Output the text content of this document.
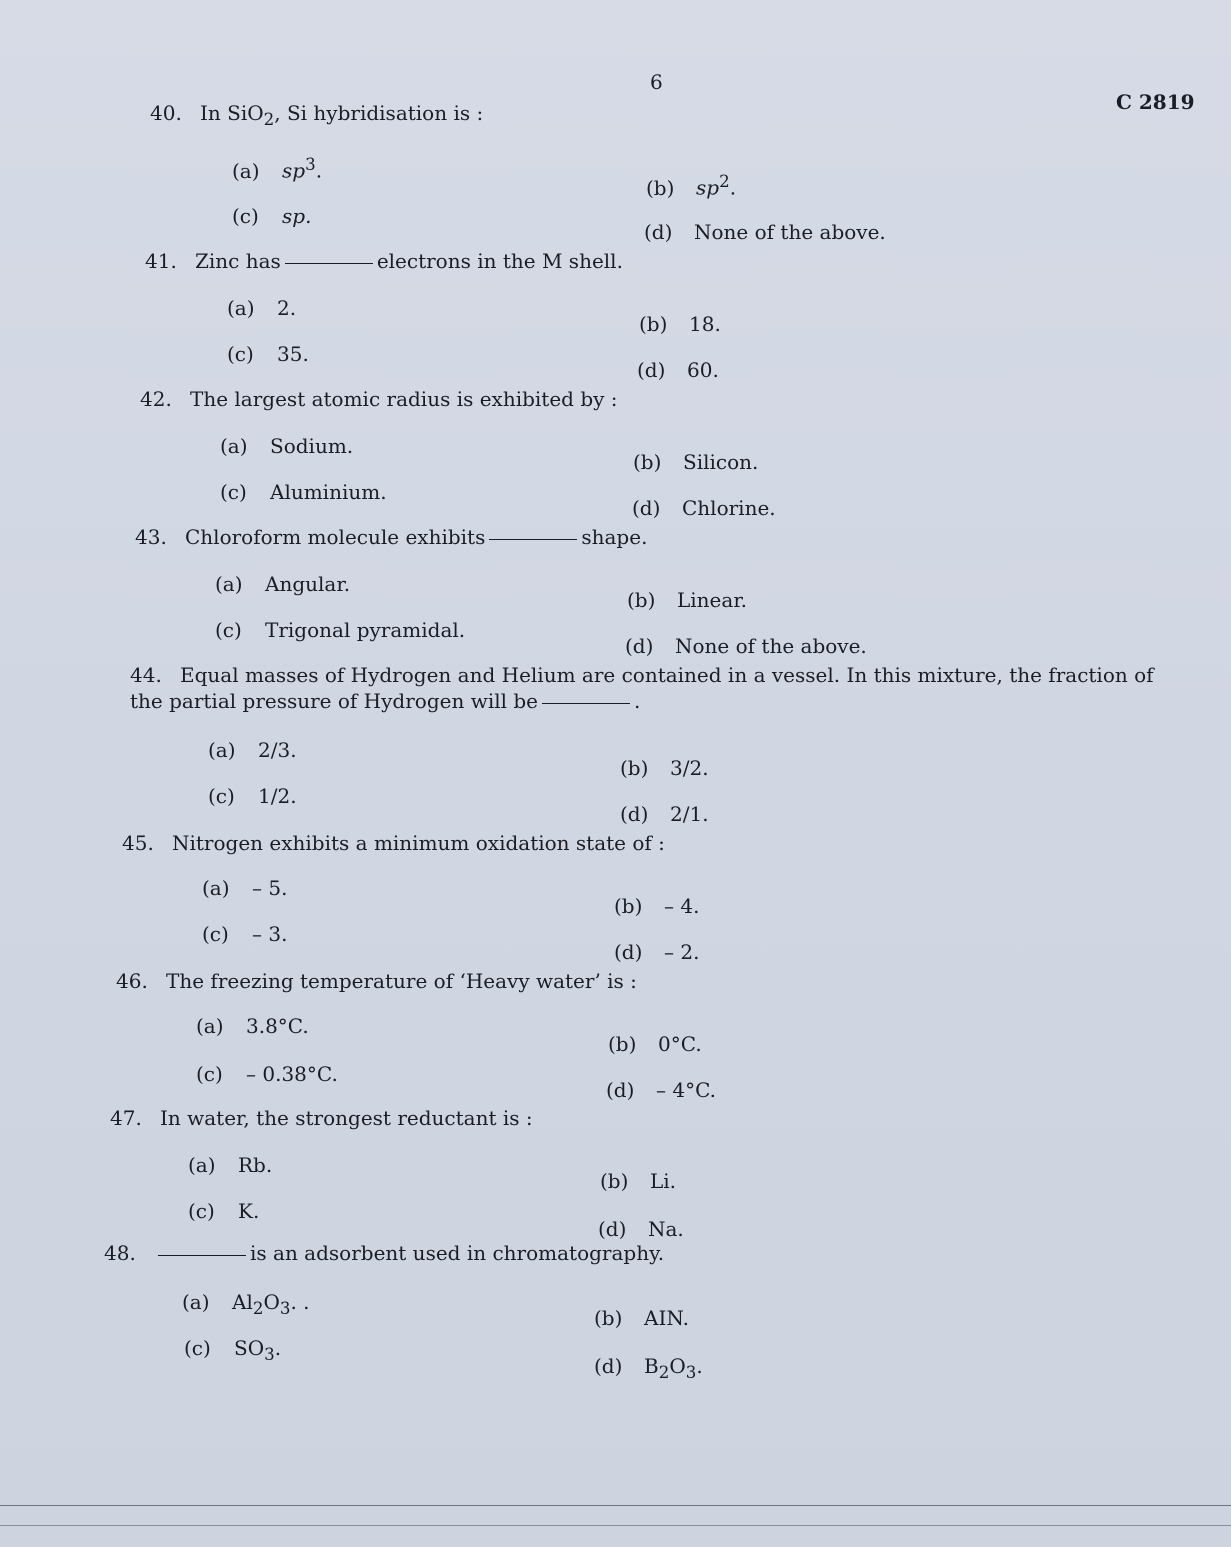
6
C 2819
40. In SiO$_2$, Si hybridisation is :
(a) $sp^3$.
(b) $sp^2$.
(c) sp.
(d) None of the above.
41. Zinc has	electrons in the M shell.
(a) 2.
(b) 18.
(c) 35.
(d) 60.
42. The largest atomic radius is exhibited by :
(a) Sodium.
(b) Silicon.
(c) Aluminium.
(d) Chlorine.
43. Chloroform molecule exhibits	shape.
(a) Angular.
(b) Linear.
(c) Trigonal pyramidal.
(d) None of the above.
44. Equal masses of Hydrogen and Helium are contained in a vessel. In this mixture, the fraction of the partial pressure of Hydrogen will be	.
(a) 2/3.
(b) 3/2.
(c) 1/2.
(d) 2/1.
45. Nitrogen exhibits a minimum oxidation state of :
(a) – 5.
(b) – 4.
(c) – 3.
(d) – 2.
46. The freezing temperature of ‘Heavy water’ is :
(a) 3.8°C.
(b) 0°C.
(c) – 0.38°C.
(d) – 4°C.
47. In water, the strongest reductant is :
(a) Rb.
(b) Li.
(c) K.
(d) Na.
48.	is an adsorbent used in chromatography.
(a) $Al_2O_3$. .
(b) AIN.
(c) $SO_3$.
(d) $B_2O_3$.
